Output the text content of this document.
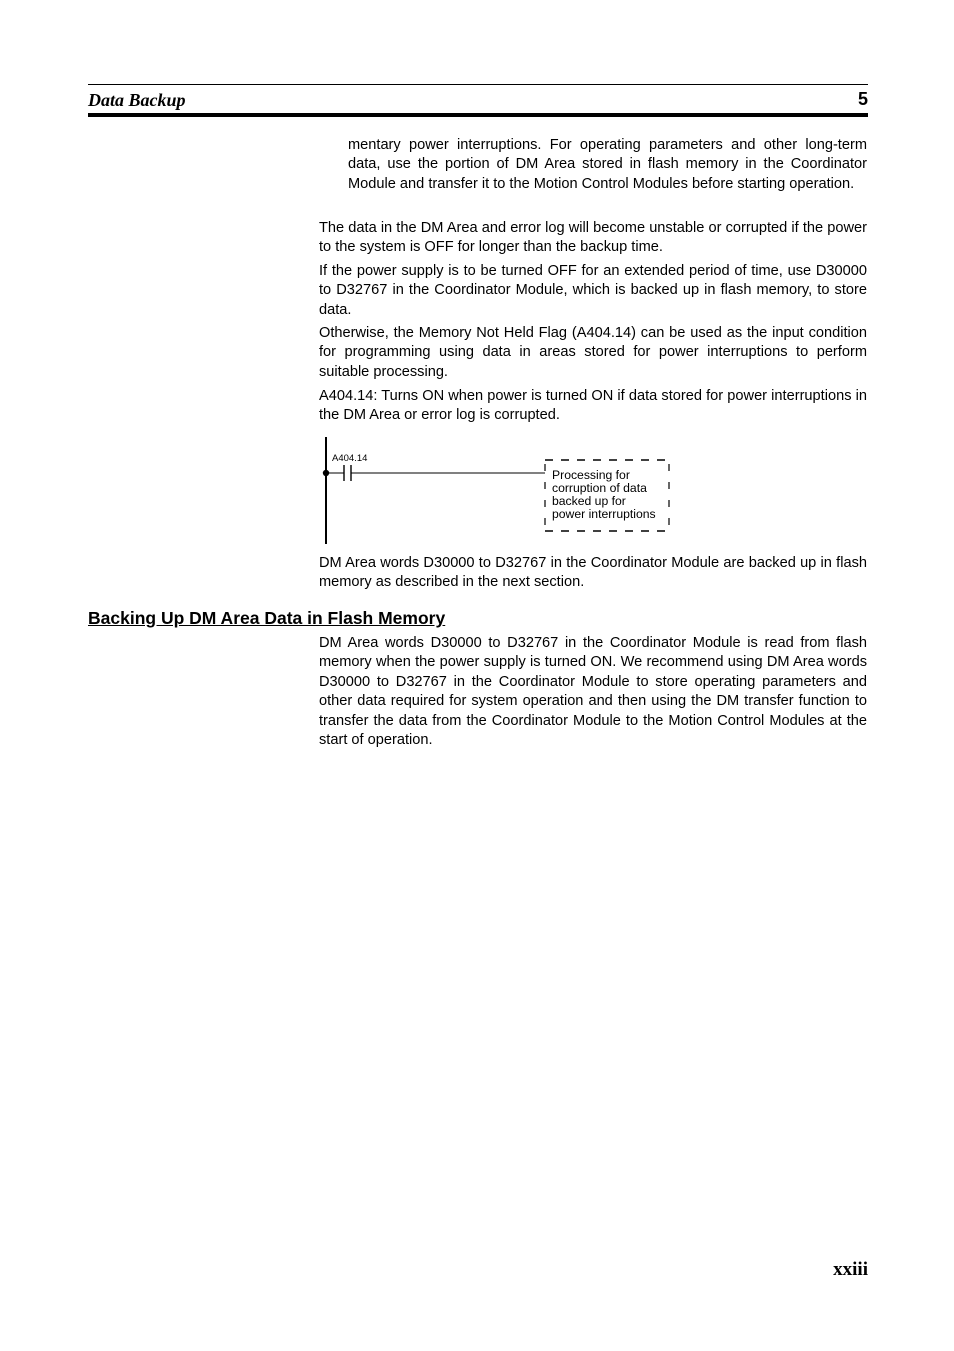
Data Backup	5

mentary power interruptions. For operating parameters and other long-term data, use the portion of DM Area stored in flash memory in the Coordinator Module and transfer it to the Motion Control Modules before starting operation.

The data in the DM Area and error log will become unstable or corrupted if the power to the system is OFF for longer than the backup time.

If the power supply is to be turned OFF for an extended period of time, use D30000 to D32767 in the Coordinator Module, which is backed up in flash memory, to store data.

Otherwise, the Memory Not Held Flag (A404.14) can be used as the input condition for programming using data in areas stored for power interruptions to perform suitable processing.

A404.14: Turns ON when power is turned ON if data stored for power interruptions in the DM Area or error log is corrupted.

A404.14
Processing for
corruption of data
backed up for
power interruptions

DM Area words D30000 to D32767 in the Coordinator Module are backed up in flash memory as described in the next section.

Backing Up DM Area Data in Flash Memory

DM Area words D30000 to D32767 in the Coordinator Module is read from flash memory when the power supply is turned ON. We recommend using DM Area words D30000 to D32767 in the Coordinator Module to store operating parameters and other data required for system operation and then using the DM transfer function to transfer the data from the Coordinator Module to the Motion Control Modules at the start of operation.

xxiii
